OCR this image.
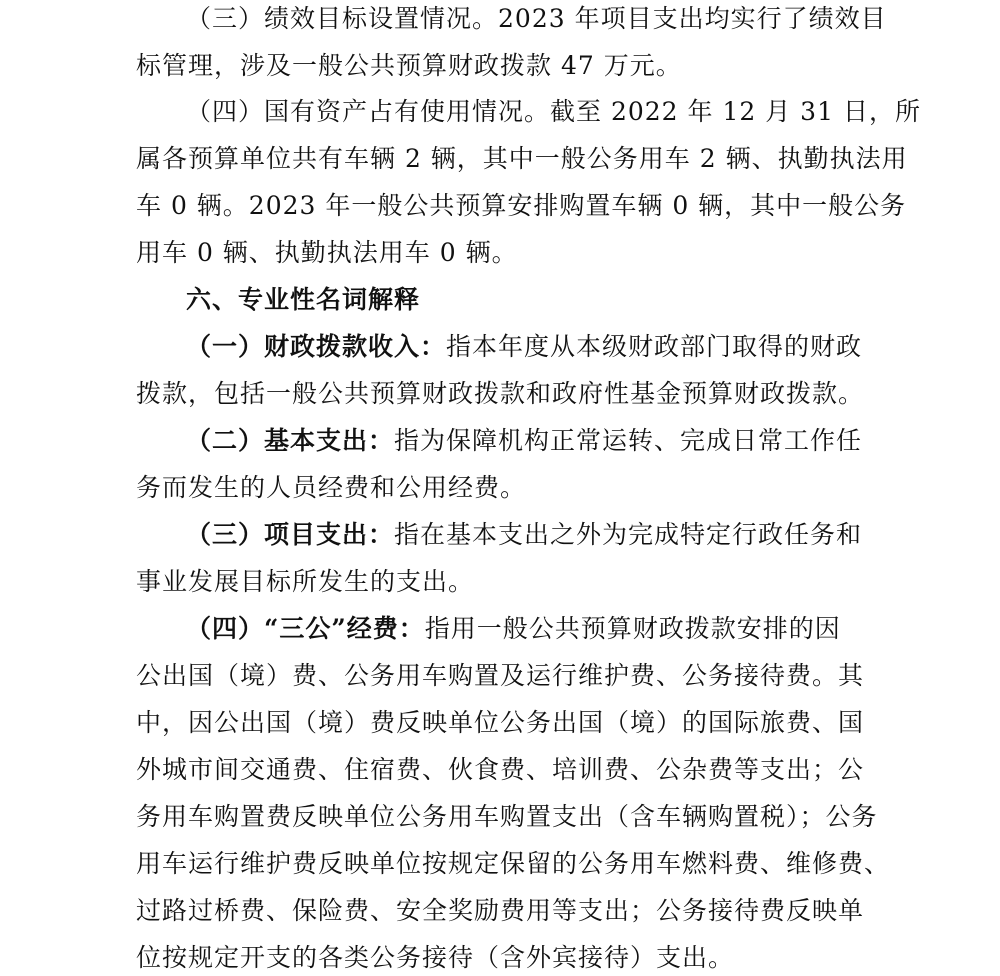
（三）绩效目标设置情况。2023 年项目支出均实行了绩效目
标管理，涉及一般公共预算财政拨款 47 万元。
（四）国有资产占有使用情况。截至 2022 年 12 月 31 日，所
属各预算单位共有车辆 2 辆，其中一般公务用车 2 辆、执勤执法用
车 0 辆。2023 年一般公共预算安排购置车辆 0 辆，其中一般公务
用车 0 辆、执勤执法用车 0 辆。
六、专业性名词解释
（一）财政拨款收入：指本年度从本级财政部门取得的财政
拨款，包括一般公共预算财政拨款和政府性基金预算财政拨款。
（二）基本支出：指为保障机构正常运转、完成日常工作任
务而发生的人员经费和公用经费。
（三）项目支出：指在基本支出之外为完成特定行政任务和
事业发展目标所发生的支出。
（四）“三公”经费：指用一般公共预算财政拨款安排的因
公出国（境）费、公务用车购置及运行维护费、公务接待费。其
中，因公出国（境）费反映单位公务出国（境）的国际旅费、国
外城市间交通费、住宿费、伙食费、培训费、公杂费等支出；公
务用车购置费反映单位公务用车购置支出（含车辆购置税）；公务
用车运行维护费反映单位按规定保留的公务用车燃料费、维修费、
过路过桥费、保险费、安全奖励费用等支出；公务接待费反映单
位按规定开支的各类公务接待（含外宾接待）支出。
